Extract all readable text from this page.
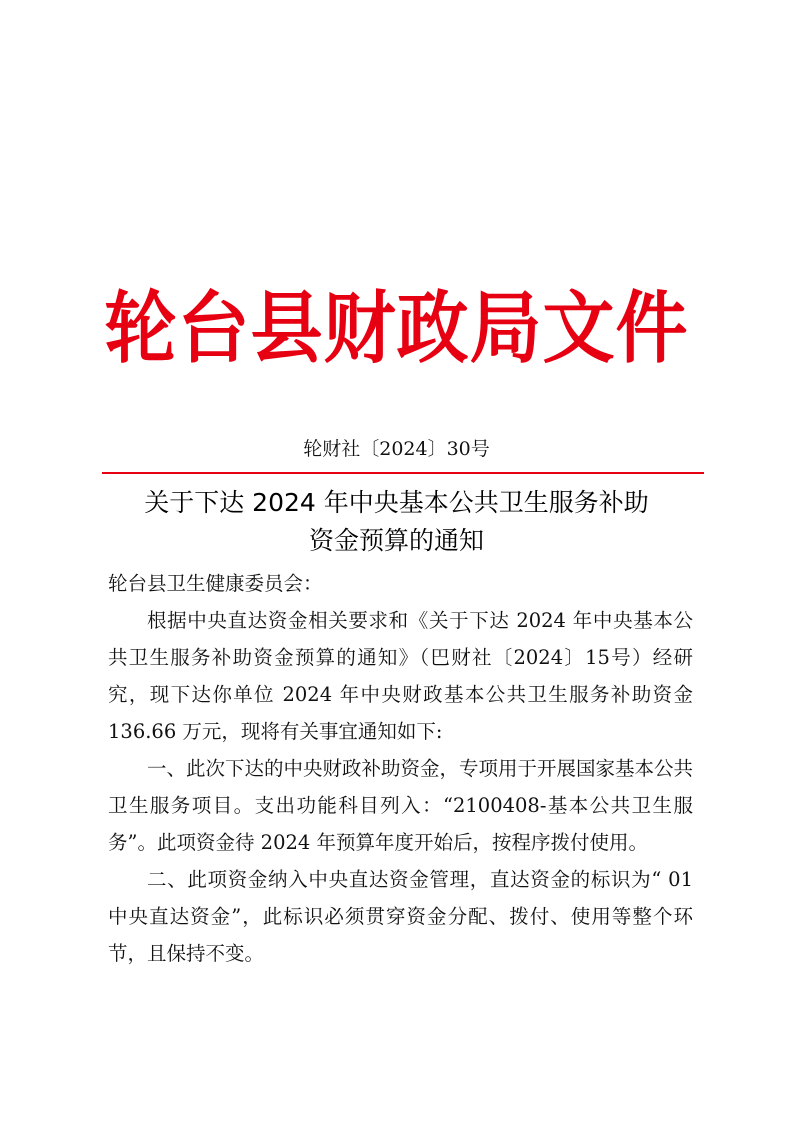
轮台县财政局文件
轮财社〔2024〕30号
关于下达 2024 年中央基本公共卫生服务补助
资金预算的通知

轮台县卫生健康委员会：

根据中央直达资金相关要求和《关于下达 2024 年中央基本公共卫生服务补助资金预算的通知》（巴财社〔2024〕15号）经研究，现下达你单位 2024 年中央财政基本公共卫生服务补助资金 136.66 万元，现将有关事宜通知如下:

一、此次下达的中央财政补助资金，专项用于开展国家基本公共卫生服务项目。支出功能科目列入：“2100408-基本公共卫生服务”。此项资金待 2024 年预算年度开始后，按程序拨付使用。

二、此项资金纳入中央直达资金管理，直达资金的标识为“ 01 中央直达资金”，此标识必须贯穿资金分配、拨付、使用等整个环节，且保持不变。
